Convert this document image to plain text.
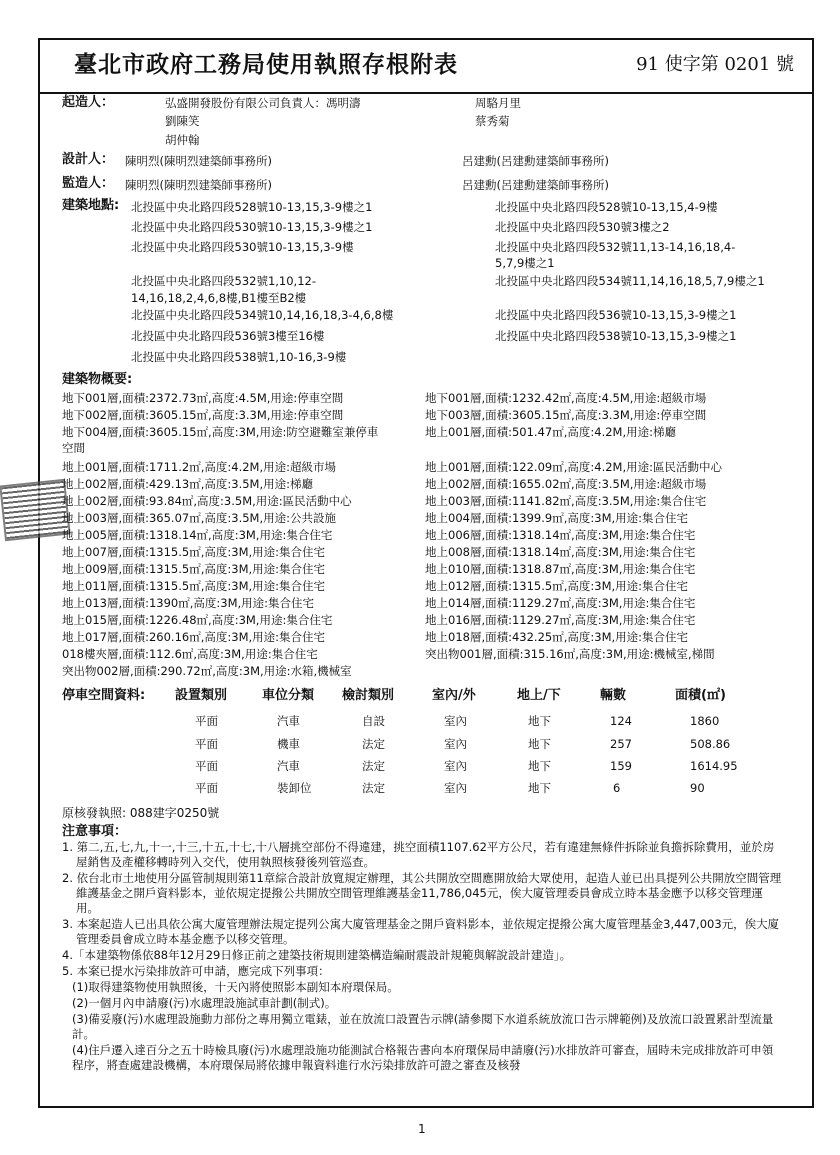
臺北市政府工務局使用執照存根附表	91 使字第 0201 號
起造人：	弘盛開發股份有限公司負責人：馮明濤	周駱月里
劉陳笑	蔡秀菊
胡仲翰
設計人： 陳明烈(陳明烈建築師事務所)	呂建勳(呂建勳建築師事務所)
監造人： 陳明烈(陳明烈建築師事務所)	呂建勳(呂建勳建築師事務所)
建築地點: 北投區中央北路四段528號10-13,15,3-9樓之1
北投區中央北路四段530號10-13,15,3-9樓之1
北投區中央北路四段530號10-13,15,3-9樓
北投區中央北路四段532號1,10,12-
14,16,18,2,4,6,8樓,B1樓至B2樓
北投區中央北路四段534號10,14,16,18,3-4,6,8樓
北投區中央北路四段536號3樓至16樓
北投區中央北路四段538號1,10-16,3-9樓
北投區中央北路四段528號10-13,15,4-9樓
北投區中央北路四段530號3樓之2
北投區中央北路四段532號11,13-14,16,18,4-
5,7,9樓之1
北投區中央北路四段534號11,14,16,18,5,7,9樓之1
北投區中央北路四段536號10-13,15,3-9樓之1
北投區中央北路四段538號10-13,15,3-9樓之1
建築物概要:
地下001層,面積:2372.73㎡,高度:4.5M,用途:停車空間
地下002層,面積:3605.15㎡,高度:3.3M,用途:停車空間
地下004層,面積:3605.15㎡,高度:3M,用途:防空避難室兼停車
空間
地上001層,面積:1711.2㎡,高度:4.2M,用途:超級市場
地上002層,面積:429.13㎡,高度:3.5M,用途:梯廳
地上002層,面積:93.84㎡,高度:3.5M,用途:區民活動中心
地上003層,面積:365.07㎡,高度:3.5M,用途:公共設施
地上005層,面積:1318.14㎡,高度:3M,用途:集合住宅
地上007層,面積:1315.5㎡,高度:3M,用途:集合住宅
地上009層,面積:1315.5㎡,高度:3M,用途:集合住宅
地上011層,面積:1315.5㎡,高度:3M,用途:集合住宅
地上013層,面積:1390㎡,高度:3M,用途:集合住宅
地上015層,面積:1226.48㎡,高度:3M,用途:集合住宅
地上017層,面積:260.16㎡,高度:3M,用途:集合住宅
018樓夾層,面積:112.6㎡,高度:3M,用途:集合住宅
突出物002層,面積:290.72㎡,高度:3M,用途:水箱,機械室
地下001層,面積:1232.42㎡,高度:4.5M,用途:超級市場
地下003層,面積:3605.15㎡,高度:3.3M,用途:停車空間
地上001層,面積:501.47㎡,高度:4.2M,用途:梯廳
地上001層,面積:122.09㎡,高度:4.2M,用途:區民活動中心
地上002層,面積:1655.02㎡,高度:3.5M,用途:超級市場
地上003層,面積:1141.82㎡,高度:3.5M,用途:集合住宅
地上004層,面積:1399.9㎡,高度:3M,用途:集合住宅
地上006層,面積:1318.14㎡,高度:3M,用途:集合住宅
地上008層,面積:1318.14㎡,高度:3M,用途:集合住宅
地上010層,面積:1318.87㎡,高度:3M,用途:集合住宅
地上012層,面積:1315.5㎡,高度:3M,用途:集合住宅
地上014層,面積:1129.27㎡,高度:3M,用途:集合住宅
地上016層,面積:1129.27㎡,高度:3M,用途:集合住宅
地上018層,面積:432.25㎡,高度:3M,用途:集合住宅
突出物001層,面積:315.16㎡,高度:3M,用途:機械室,梯間
停車空間資料: 設置類別	車位分類 檢討類別	室內/外	地上/下	輛數	面積(㎡)
平面	汽車	自設	室內	地下	124	1860
平面	機車	法定	室內	地下	257	508.86
平面	汽車	法定	室內	地下	159	1614.95
平面	裝卸位	法定	室內	地下	6	90
原核發執照: 088建字0250號
注意事項：
1. 第二,五,七,九,十一,十三,十五,十七,十八層挑空部份不得違建，挑空面積1107.62平方公尺，若有違建無條件拆除並負擔拆除費用，並於房屋銷售及產權移轉時列入交代，使用執照核發後列管巡查。
2. 依台北市土地使用分區管制規則第11章綜合設計放寬規定辦理，其公共開放空間應開放給大眾使用，起造人並已出具提列公共開放空間管理維護基金之開戶資料影本，並依規定提撥公共開放空間管理維護基金11,786,045元，俟大廈管理委員會成立時本基金應予以移交管理運用。
3. 本案起造人已出具依公寓大廈管理辦法規定提列公寓大廈管理基金之開戶資料影本，並依規定提撥公寓大廈管理基金3,447,003元，俟大廈管理委員會成立時本基金應予以移交管理。
4.「本建築物係依88年12月29日修正前之建築技術規則建築構造編耐震設計規範與解說設計建造」。
5. 本案已提水污染排放許可申請，應完成下列事項：
(1)取得建築物使用執照後，十天內將使照影本副知本府環保局。
(2)一個月內申請廢(污)水處理設施試車計劃(制式)。
(3)備妥廢(污)水處理設施動力部份之專用獨立電錶，並在放流口設置告示牌(請參閱下水道系統放流口告示牌範例)及放流口設置累計型流量計。
(4)住戶遷入達百分之五十時檢具廢(污)水處理設施功能測試合格報告書向本府環保局申請廢(污)水排放許可審查，屆時未完成排放許可申領程序，將查處建設機構，本府環保局將依據申報資料進行水污染排放許可證之審查及核發
1
